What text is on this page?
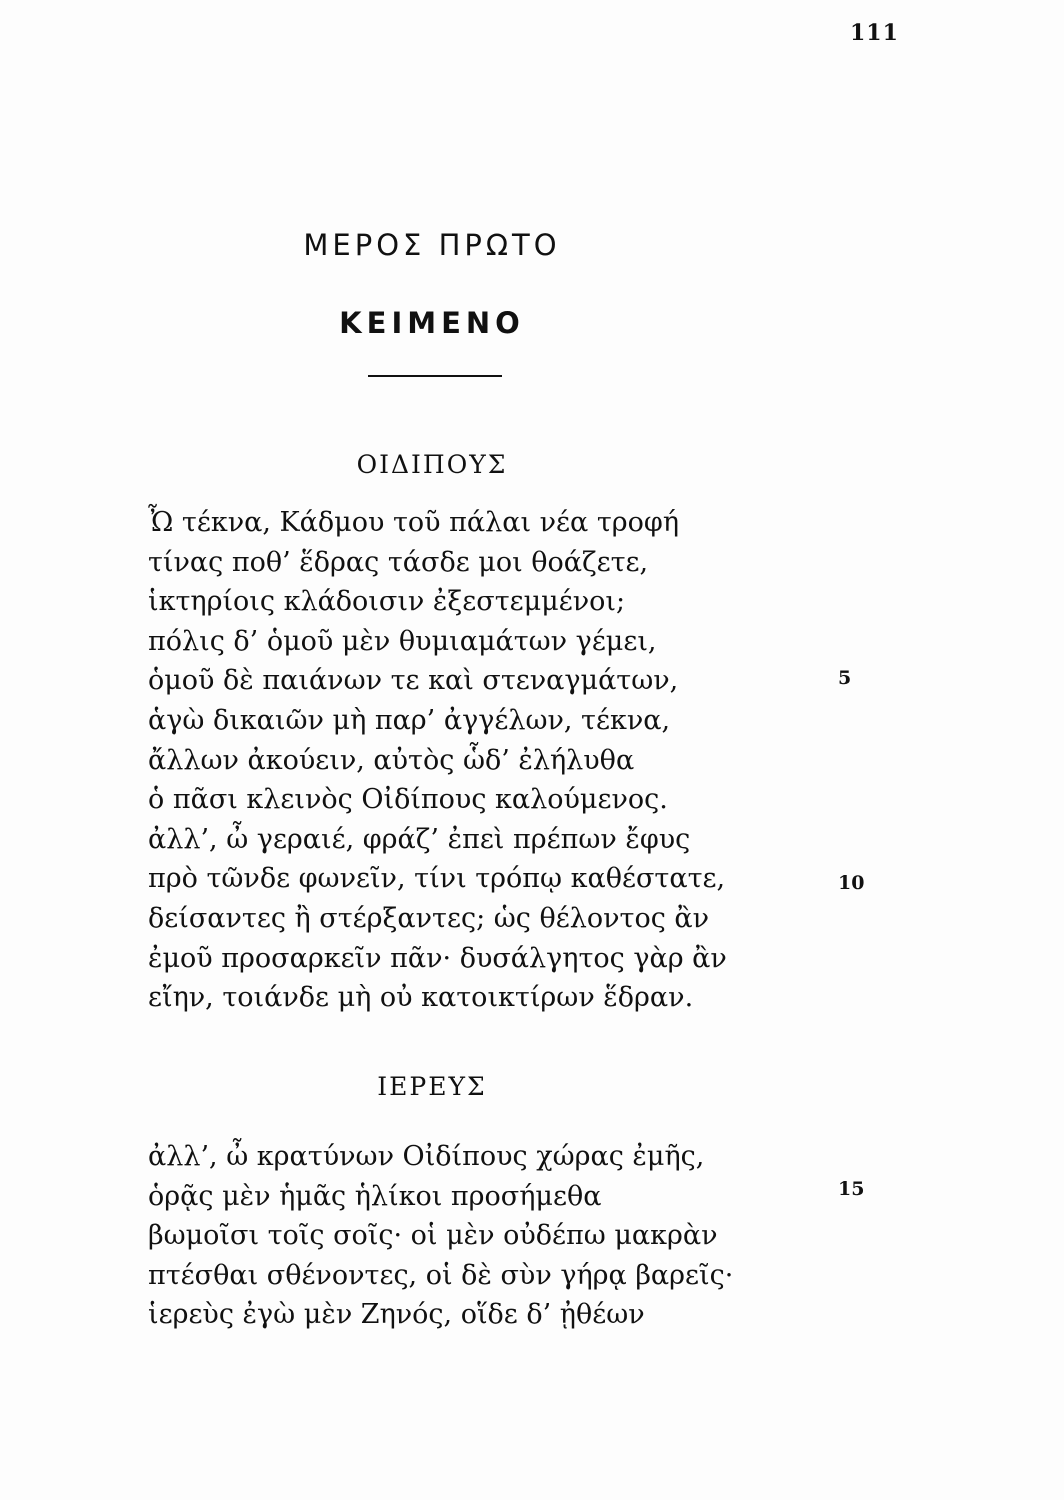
111
ΜΕΡΟΣ ΠΡΩΤΟ
ΚΕΙΜΕΝΟ
ΟΙΔΙΠΟΥΣ
Ὦ τέκνα, Κάδμου τοῦ πάλαι νέα τροφή
τίνας ποθ’ ἕδρας τάσδε μοι θοάζετε,
ἱκτηρίοις κλάδοισιν ἐξεστεμμένοι;
πόλις δ’ ὁμοῦ μὲν θυμιαμάτων γέμει,
ὁμοῦ δὲ παιάνων τε καὶ στεναγμάτων,
ἁγὼ δικαιῶν μὴ παρ’ ἀγγέλων, τέκνα,
ἄλλων ἀκούειν, αὐτὸς ὧδ’ ἐλήλυθα
ὁ πᾶσι κλεινὸς Οἰδίπους καλούμενος.
ἀλλ’, ὦ γεραιέ, φράζ’ ἐπεὶ πρέπων ἔφυς
πρὸ τῶνδε φωνεῖν, τίνι τρόπῳ καθέστατε,
δείσαντες ἢ στέρξαντες; ὡς θέλοντος ἂν
ἐμοῦ προσαρκεῖν πᾶν· δυσάλγητος γὰρ ἂν
εἴην, τοιάνδε μὴ οὐ κατοικτίρων ἕδραν.
ΙΕΡΕΥΣ
ἀλλ’, ὦ κρατύνων Οἰδίπους χώρας ἐμῆς,
ὁρᾷς μὲν ἡμᾶς ἡλίκοι προσήμεθα
βωμοῖσι τοῖς σοῖς· οἱ μὲν οὐδέπω μακρὰν
πτέσθαι σθένοντες, οἱ δὲ σὺν γήρᾳ βαρεῖς·
ἱερεὺς ἐγὼ μὲν Ζηνός, οἵδε δ’ ᾐθέων
5
10
15
